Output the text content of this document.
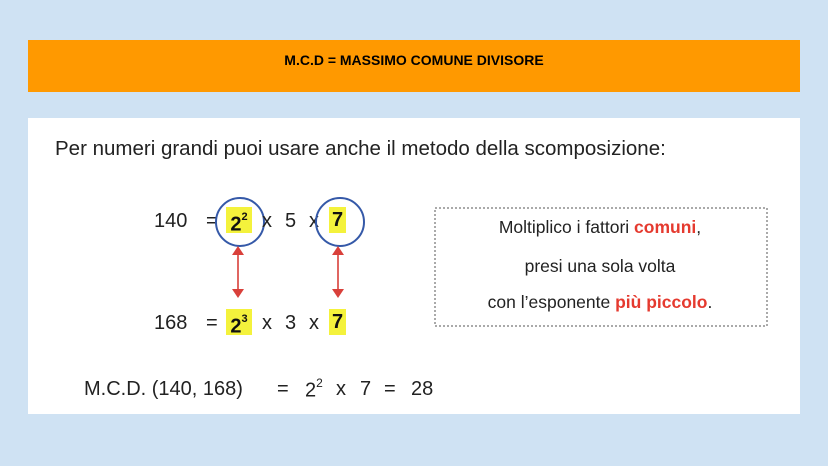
M.C.D = MASSIMO COMUNE DIVISORE
Per numeri grandi puoi usare anche il metodo della scomposizione:
$140 = 2^2$ x 5 x 7
$168 = 2^3$ x 3 x 7
Moltiplico i fattori comuni,
presi una sola volta
con l’esponente più piccolo.
M.C.D. (140, $168) = 2^2$ x 7 = 28
